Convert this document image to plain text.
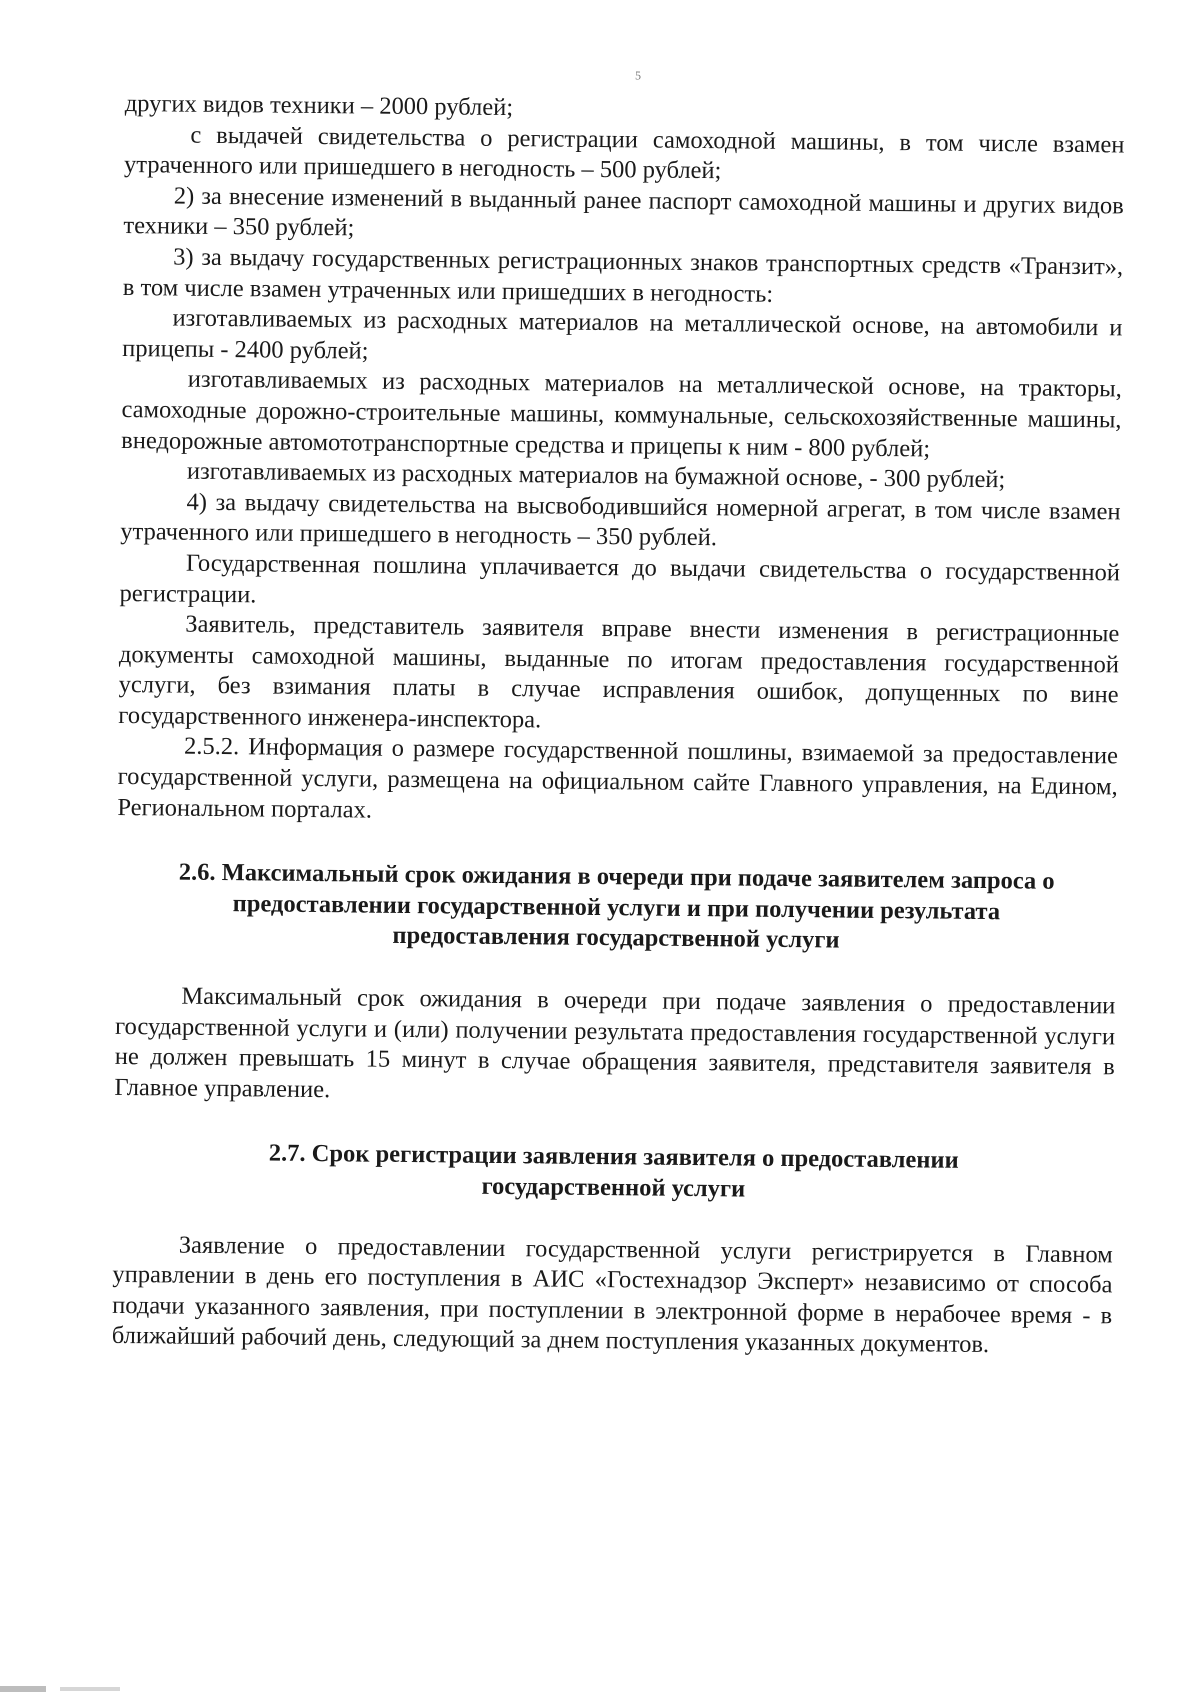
5

других видов техники – 2000 рублей;

с выдачей свидетельства о регистрации самоходной машины, в том числе взамен утраченного или пришедшего в негодность – 500 рублей;

2) за внесение изменений в выданный ранее паспорт самоходной машины и других видов техники – 350 рублей;

3) за выдачу государственных регистрационных знаков транспортных средств «Транзит», в том числе взамен утраченных или пришедших в негодность:

изготавливаемых из расходных материалов на металлической основе, на автомобили и прицепы - 2400 рублей;

изготавливаемых из расходных материалов на металлической основе, на тракторы, самоходные дорожно-строительные машины, коммунальные, сельскохозяйственные машины, внедорожные автомототранспортные средства и прицепы к ним - 800 рублей;

изготавливаемых из расходных материалов на бумажной основе, - 300 рублей;

4) за выдачу свидетельства на высвободившийся номерной агрегат, в том числе взамен утраченного или пришедшего в негодность – 350 рублей.

Государственная пошлина уплачивается до выдачи свидетельства о государственной регистрации.

Заявитель, представитель заявителя вправе внести изменения в регистрационные документы самоходной машины, выданные по итогам предоставления государственной услуги, без взимания платы в случае исправления ошибок, допущенных по вине государственного инженера-инспектора.

2.5.2. Информация о размере государственной пошлины, взимаемой за предоставление государственной услуги, размещена на официальном сайте Главного управления, на Едином, Региональном порталах.

2.6. Максимальный срок ожидания в очереди при подаче заявителем запроса о предоставлении государственной услуги и при получении результата предоставления государственной услуги

Максимальный срок ожидания в очереди при подаче заявления о предоставлении государственной услуги и (или) получении результата предоставления государственной услуги не должен превышать 15 минут в случае обращения заявителя, представителя заявителя в Главное управление.

2.7. Срок регистрации заявления заявителя о предоставлении государственной услуги

Заявление о предоставлении государственной услуги регистрируется в Главном управлении в день его поступления в АИС «Гостехнадзор Эксперт» независимо от способа подачи указанного заявления, при поступлении в электронной форме в нерабочее время - в ближайший рабочий день, следующий за днем поступления указанных документов.
